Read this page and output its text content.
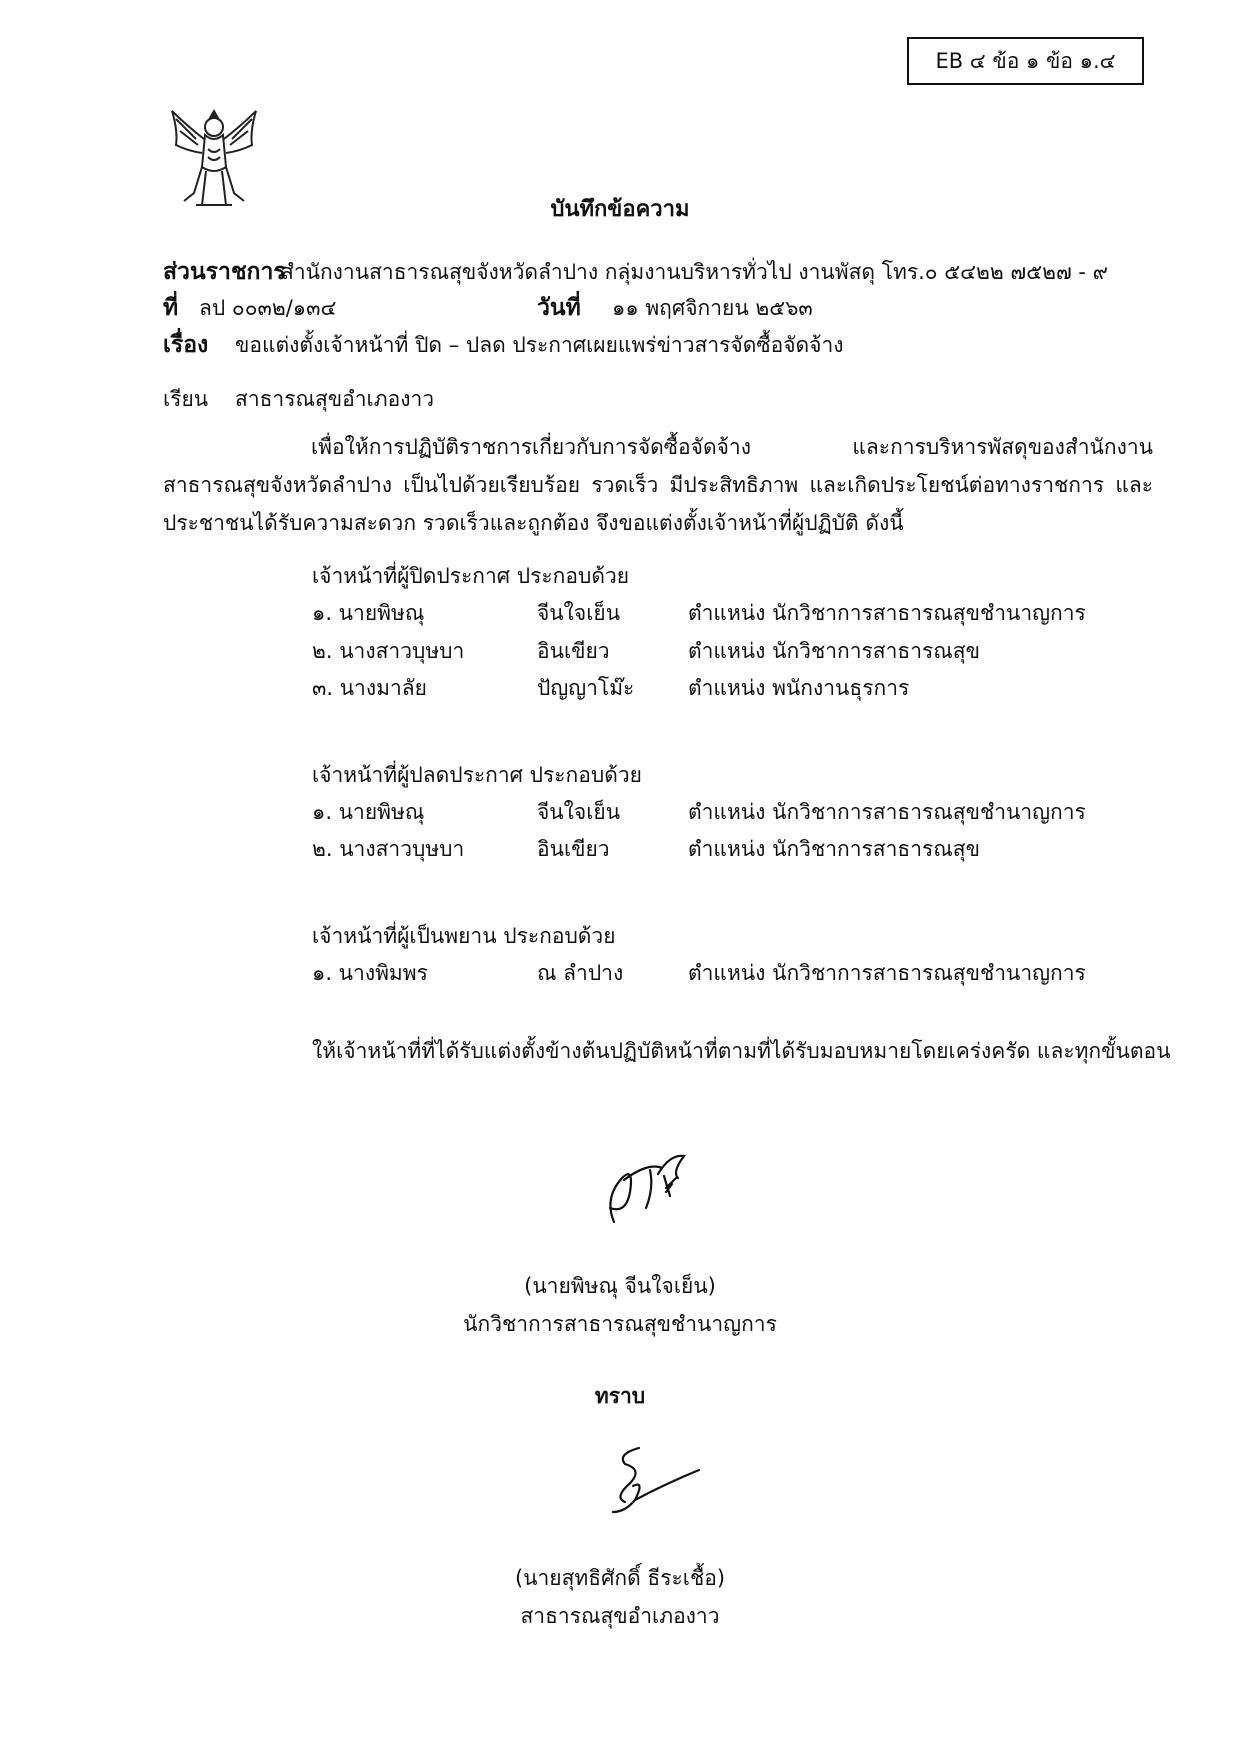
EB ๔ ข้อ ๑ ข้อ ๑.๔
บันทึกข้อความ
ส่วนราชการ
สำนักงานสาธารณสุขจังหวัดลำปาง กลุ่มงานบริหารทั่วไป งานพัสดุ โทร.๐ ๕๔๒๒ ๗๕๒๗ - ๙
ที่ ลป ๐๐๓๒/๑๓๔	วันที่ ๑๑ พฤศจิกายน ๒๕๖๓
เรื่อง ขอแต่งตั้งเจ้าหน้าที่ ปิด – ปลด ประกาศเผยแพร่ข่าวสารจัดซื้อจัดจ้าง
เรียน สาธารณสุขอำเภองาว
เพื่อให้การปฏิบัติราชการเกี่ยวกับการจัดซื้อจัดจ้าง และการบริหารพัสดุของสำนักงานสาธารณสุขจังหวัดลำปาง เป็นไปด้วยเรียบร้อย รวดเร็ว มีประสิทธิภาพ และเกิดประโยชน์ต่อทางราชการ และประชาชนได้รับความสะดวก รวดเร็วและถูกต้อง จึงขอแต่งตั้งเจ้าหน้าที่ผู้ปฏิบัติ ดังนี้
เจ้าหน้าที่ผู้ปิดประกาศ ประกอบด้วย
๑. นายพิษณุ	จีนใจเย็น	ตำแหน่ง นักวิชาการสาธารณสุขชำนาญการ
๒. นางสาวบุษบา	อินเขียว	ตำแหน่ง นักวิชาการสาธารณสุข
๓. นางมาลัย	ปัญญาโม๊ะ	ตำแหน่ง พนักงานธุรการ
เจ้าหน้าที่ผู้ปลดประกาศ ประกอบด้วย
๑. นายพิษณุ	จีนใจเย็น	ตำแหน่ง นักวิชาการสาธารณสุขชำนาญการ
๒. นางสาวบุษบา	อินเขียว	ตำแหน่ง นักวิชาการสาธารณสุข
เจ้าหน้าที่ผู้เป็นพยาน ประกอบด้วย
๑. นางพิมพร	ณ ลำปาง	ตำแหน่ง นักวิชาการสาธารณสุขชำนาญการ
ให้เจ้าหน้าที่ที่ได้รับแต่งตั้งข้างต้นปฏิบัติหน้าที่ตามที่ได้รับมอบหมายโดยเคร่งครัด และทุกขั้นตอน
(นายพิษณุ จีนใจเย็น)
นักวิชาการสาธารณสุขชำนาญการ
ทราบ
(นายสุทธิศักดิ์ ธีระเชื้อ)
สาธารณสุขอำเภองาว
